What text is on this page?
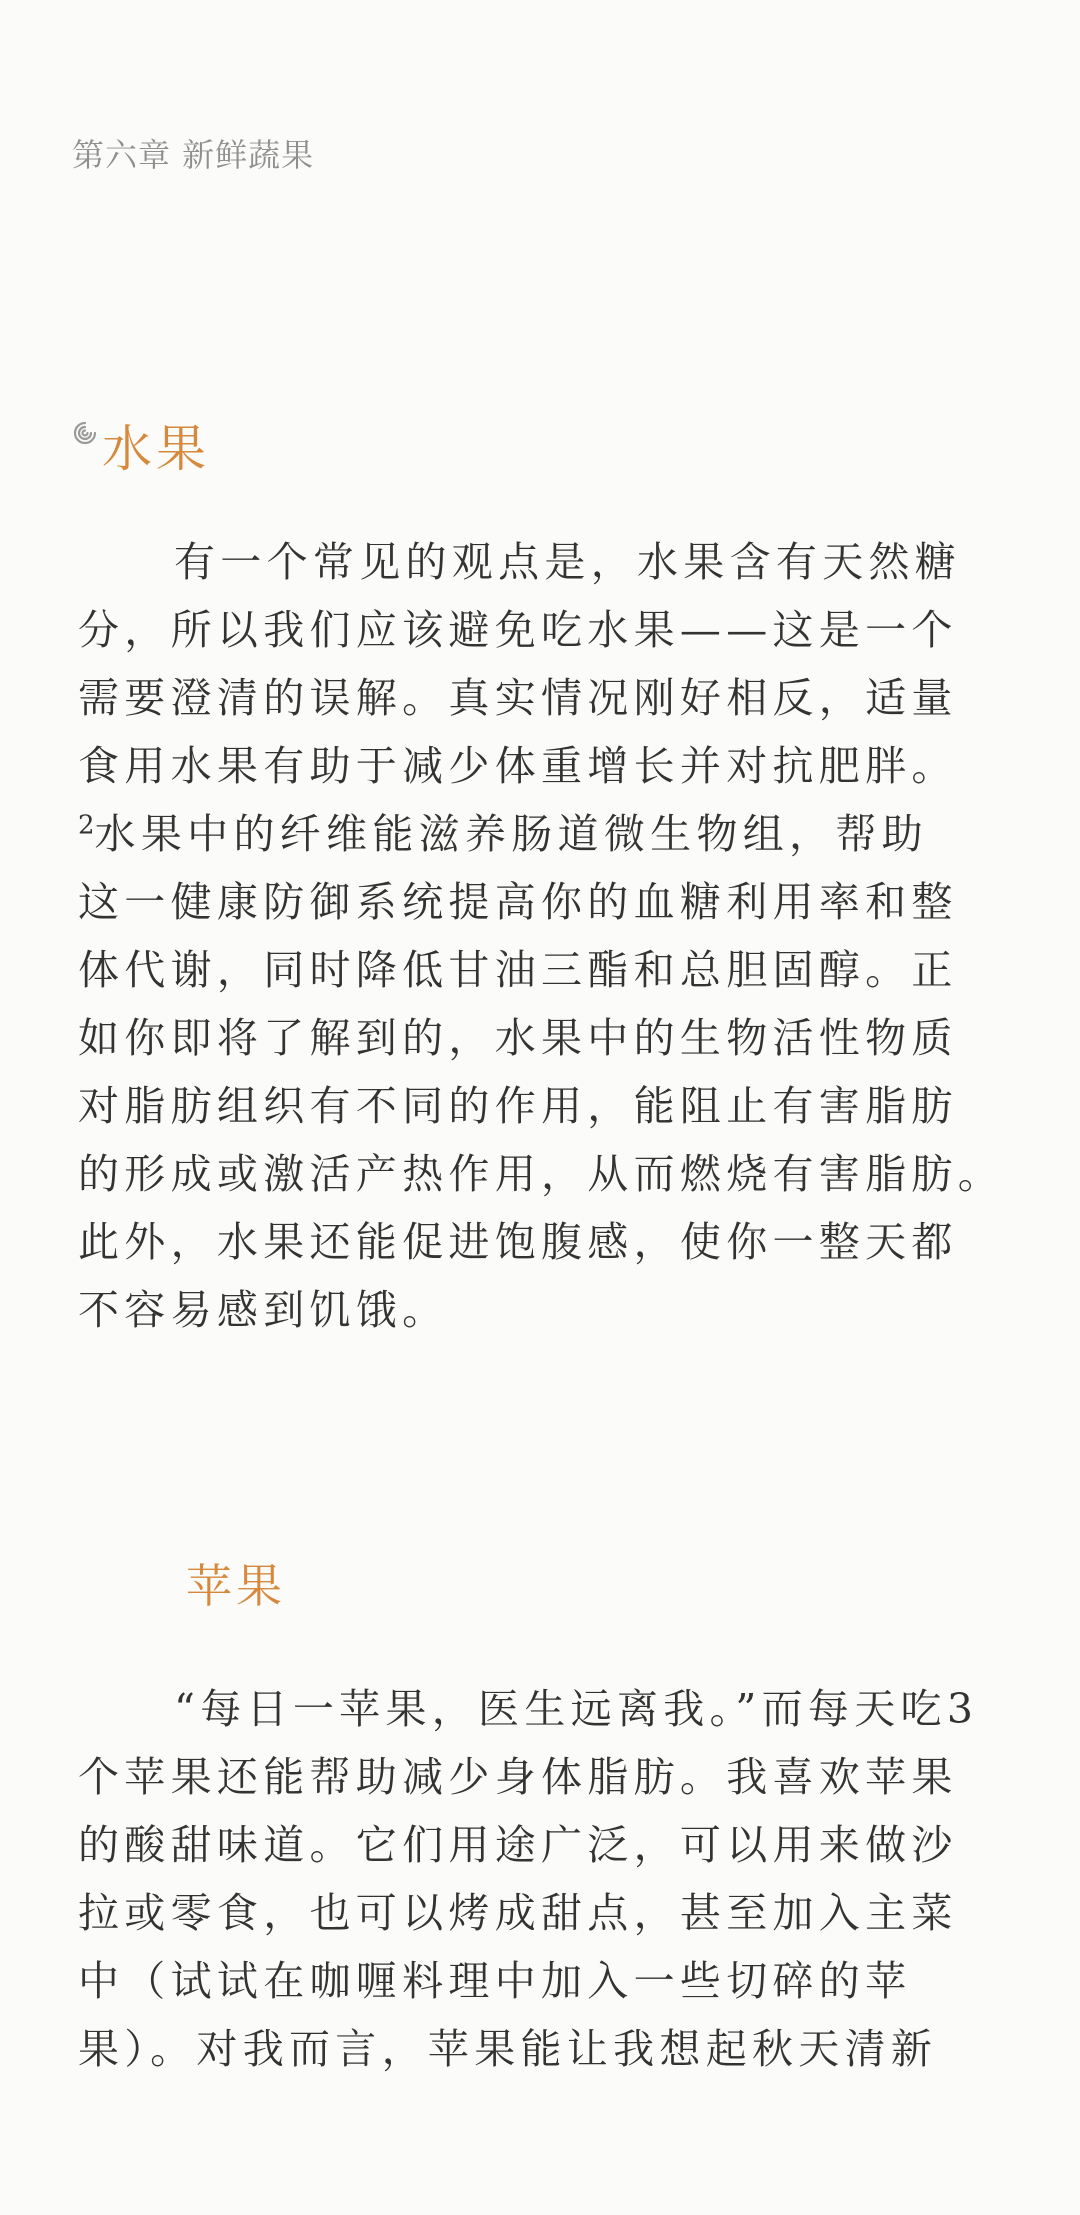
第六章 新鲜蔬果
水果
有一个常见的观点是，水果含有天然糖
分，所以我们应该避免吃水果——这是一个
需要澄清的误解。真实情况刚好相反，适量
食用水果有助于减少体重增长并对抗肥胖。
$^2$水果中的纤维能滋养肠道微生物组，帮助
这一健康防御系统提高你的血糖利用率和整
体代谢，同时降低甘油三酯和总胆固醇。正
如你即将了解到的，水果中的生物活性物质
对脂肪组织有不同的作用，能阻止有害脂肪
的形成或激活产热作用，从而燃烧有害脂肪。
此外，水果还能促进饱腹感，使你一整天都
不容易感到饥饿。
苹果
“每日一苹果，医生远离我。”而每天吃3
个苹果还能帮助减少身体脂肪。我喜欢苹果
的酸甜味道。它们用途广泛，可以用来做沙
拉或零食，也可以烤成甜点，甚至加入主菜
中（试试在咖喱料理中加入一些切碎的苹
果）。对我而言，苹果能让我想起秋天清新
